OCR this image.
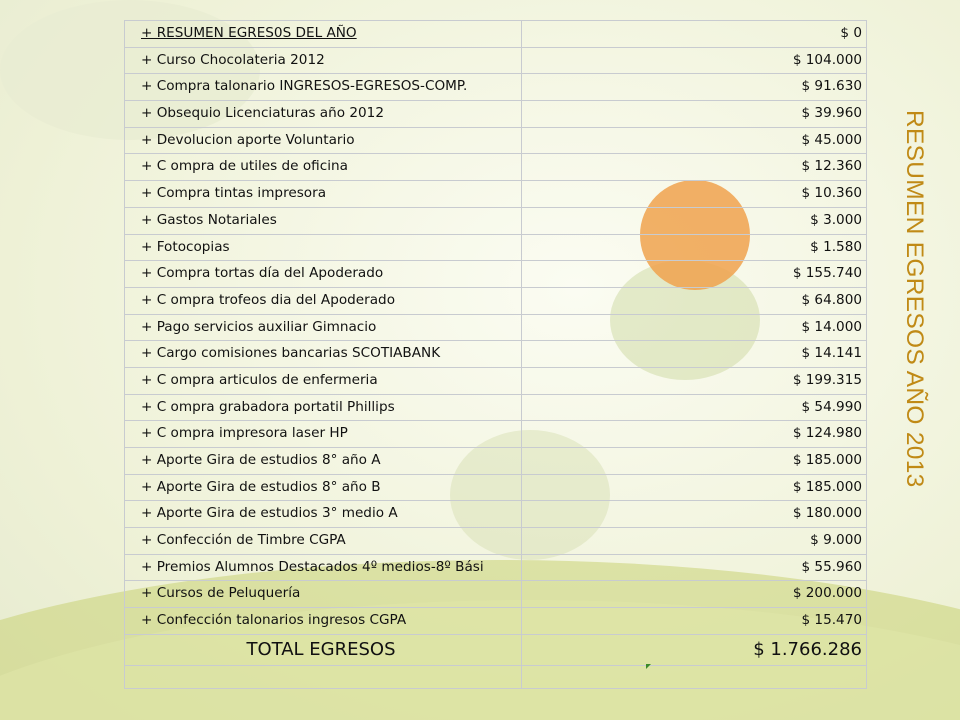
+ RESUMEN EGRES0S DEL AÑO	$ 0
+ Curso Chocolateria 2012	$ 104.000
+ Compra talonario INGRESOS-EGRESOS-COMP.	$ 91.630
+ Obsequio Licenciaturas año 2012	$ 39.960
+ Devolucion aporte Voluntario	$ 45.000
+ C ompra de utiles de oficina	$ 12.360
+ Compra tintas impresora	$ 10.360
+ Gastos Notariales	$ 3.000
+ Fotocopias	$ 1.580
+ Compra tortas día del Apoderado	$ 155.740
+ C ompra trofeos dia del Apoderado	$ 64.800
+ Pago servicios auxiliar Gimnacio	$ 14.000
+ Cargo comisiones bancarias SCOTIABANK	$ 14.141
+ C ompra articulos de enfermeria	$ 199.315
+ C ompra grabadora portatil Phillips	$ 54.990
+ C ompra impresora laser HP	$ 124.980
+ Aporte Gira de estudios 8° año A	$ 185.000
+ Aporte Gira de estudios 8° año B	$ 185.000
+ Aporte Gira de estudios 3° medio A	$ 180.000
+ Confección de Timbre CGPA	$ 9.000
+ Premios Alumnos Destacados 4º medios-8º Bási	$ 55.960
+ Cursos de Peluquería	$ 200.000
+ Confección talonarios ingresos CGPA	$ 15.470
TOTAL EGRESOS	$ 1.766.286

RESUMEN EGRESOS AÑO 2013
